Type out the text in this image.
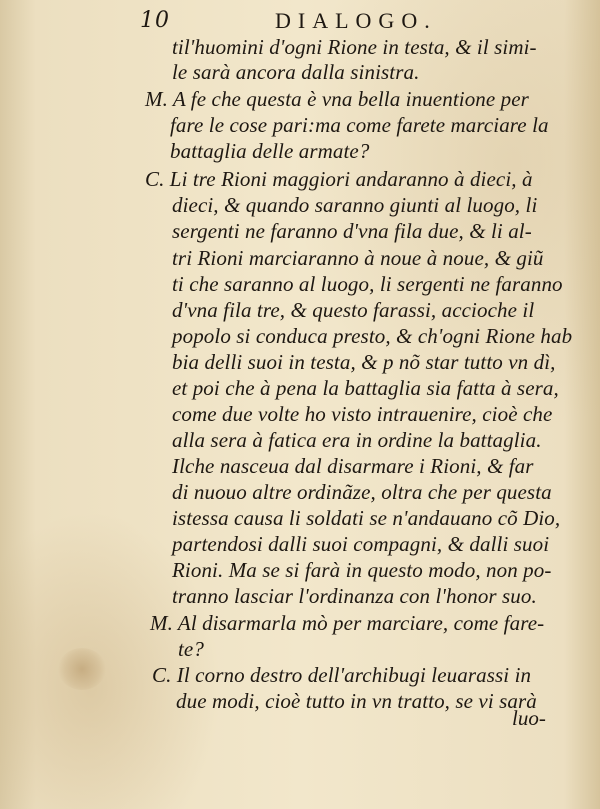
10	DIALOGO.
til'huomini d'ogni Rione in testa, & il simi-
le sarà ancora dalla sinistra.
M. A fe che questa è vna bella inuentione per
fare le cose pari:ma come farete marciare la
battaglia delle armate?
C. Li tre Rioni maggiori andaranno à dieci, à
dieci, & quando saranno giunti al luogo, li
sergenti ne faranno d'vna fila due, & li al-
tri Rioni marciaranno à noue à noue, & giũ
ti che saranno al luogo, li sergenti ne faranno
d'vna fila tre, & questo farassi, accioche il
popolo si conduca presto, & ch'ogni Rione hab
bia delli suoi in testa, & p nõ star tutto vn dì,
et poi che à pena la battaglia sia fatta à sera,
come due volte ho visto intrauenire, cioè che
alla sera à fatica era in ordine la battaglia.
Ilche nasceua dal disarmare i Rioni, & far
di nuouo altre ordinãze, oltra che per questa
istessa causa li soldati se n'andauano cõ Dio,
partendosi dalli suoi compagni, & dalli suoi
Rioni. Ma se si farà in questo modo, non po-
tranno lasciar l'ordinanza con l'honor suo.
M. Al disarmarla mò per marciare, come fare-
te?
C. Il corno destro dell'archibugi leuarassi in
due modi, cioè tutto in vn tratto, se vi sarà
luo-
